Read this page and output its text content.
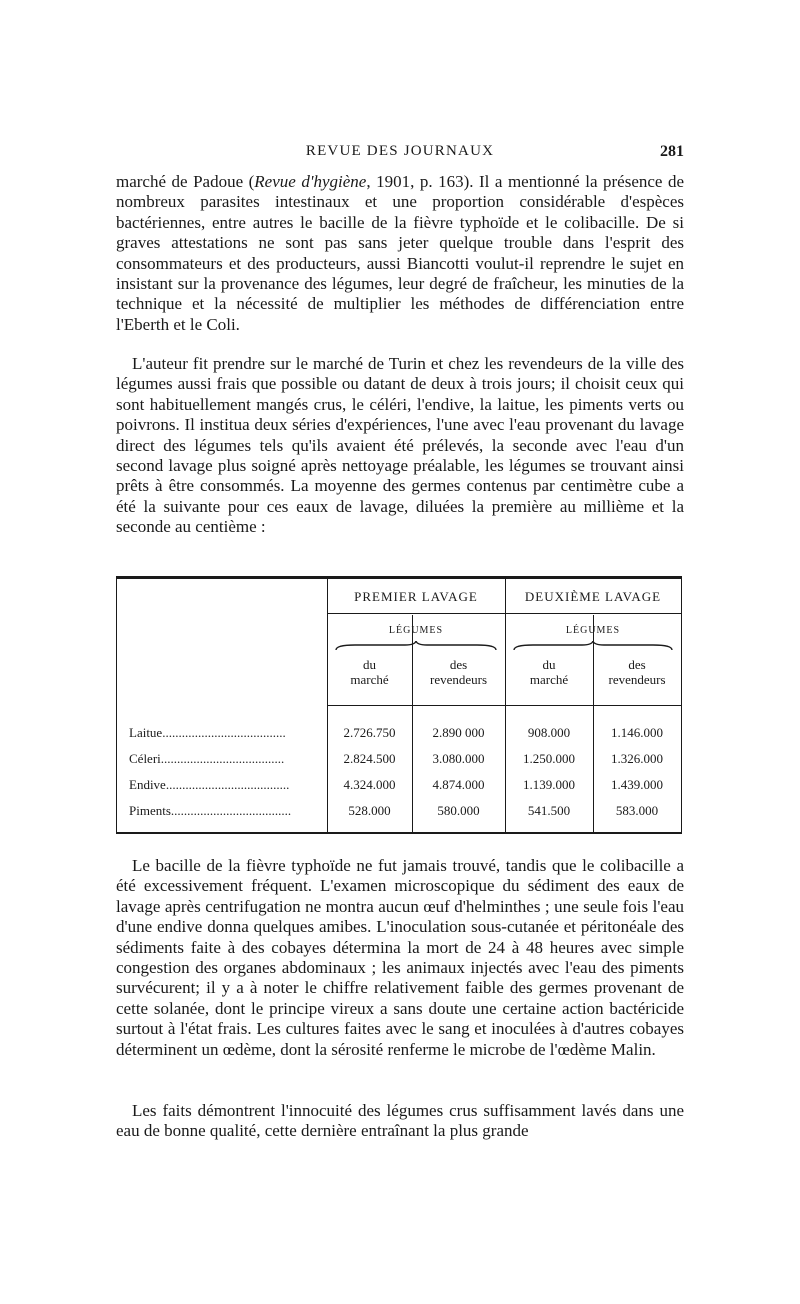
REVUE DES JOURNAUX	281

marché de Padoue (Revue d'hygiène, 1901, p. 163). Il a mentionné la présence de nombreux parasites intestinaux et une proportion considérable d'espèces bactériennes, entre autres le bacille de la fièvre typhoïde et le colibacille. De si graves attestations ne sont pas sans jeter quelque trouble dans l'esprit des consommateurs et des producteurs, aussi Biancotti voulut-il reprendre le sujet en insistant sur la provenance des légumes, leur degré de fraîcheur, les minuties de la technique et la nécessité de multiplier les méthodes de différenciation entre l'Eberth et le Coli.

L'auteur fit prendre sur le marché de Turin et chez les revendeurs de la ville des légumes aussi frais que possible ou datant de deux à trois jours; il choisit ceux qui sont habituellement mangés crus, le céléri, l'endive, la laitue, les piments verts ou poivrons. Il institua deux séries d'expériences, l'une avec l'eau provenant du lavage direct des légumes tels qu'ils avaient été prélevés, la seconde avec l'eau d'un second lavage plus soigné après nettoyage préalable, les légumes se trouvant ainsi prêts à être consommés. La moyenne des germes contenus par centimètre cube a été la suivante pour ces eaux de lavage, diluées la première au millième et la seconde au centième :

PREMIER LAVAGE	DEUXIÈME LAVAGE
LÉGUMES	LÉGUMES
du
marché
des
revendeurs
du
marché
des
revendeurs
Laitue......................................	2.726.750	2.890 000	908.000	1.146.000
Céleri......................................	2.824.500	3.080.000	1.250.000	1.326.000
Endive......................................	4.324.000	4.874.000	1.139.000	1.439.000
Piments.....................................	528.000	580.000	541.500	583.000

Le bacille de la fièvre typhoïde ne fut jamais trouvé, tandis que le colibacille a été excessivement fréquent. L'examen microscopique du sédiment des eaux de lavage après centrifugation ne montra aucun œuf d'helminthes ; une seule fois l'eau d'une endive donna quelques amibes. L'inoculation sous-cutanée et péritonéale des sédiments faite à des cobayes détermina la mort de 24 à 48 heures avec simple congestion des organes abdominaux ; les animaux injectés avec l'eau des piments survécurent; il y a à noter le chiffre relativement faible des germes provenant de cette solanée, dont le principe vireux a sans doute une certaine action bactéricide surtout à l'état frais. Les cultures faites avec le sang et inoculées à d'autres cobayes déterminent un œdème, dont la sérosité renferme le microbe de l'œdème Malin.

Les faits démontrent l'innocuité des légumes crus suffisamment lavés dans une eau de bonne qualité, cette dernière entraînant la plus grande
